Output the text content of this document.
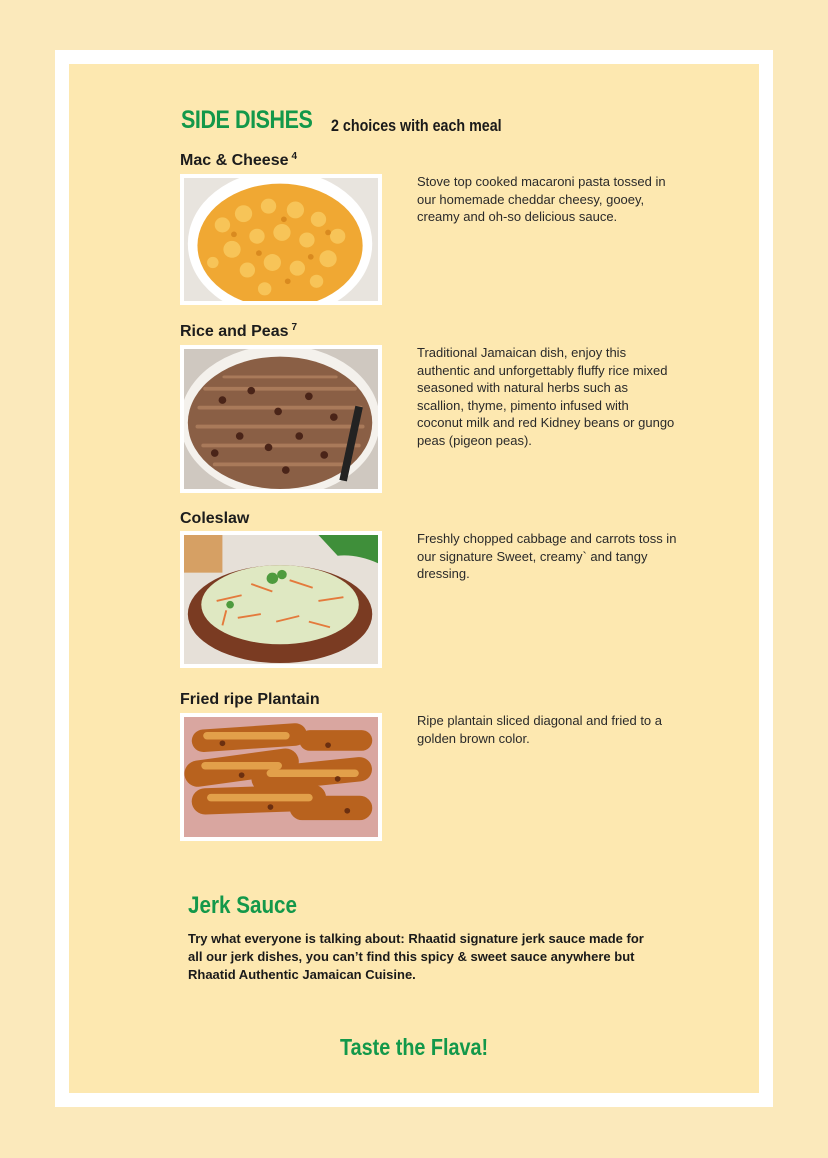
SIDE DISHES 2 choices with each meal
Mac & Cheese $^4$
Stove top cooked macaroni pasta tossed in our homemade cheddar cheesy, gooey, creamy and oh-so delicious sauce.
Rice and Peas $^7$
Traditional Jamaican dish, enjoy this authentic and unforgettably fluffy rice mixed seasoned with natural herbs such as scallion, thyme, pimento infused with coconut milk and red Kidney beans or gungo peas (pigeon peas).
Coleslaw
Freshly chopped cabbage and carrots toss in our signature Sweet, creamy` and tangy dressing.
Fried ripe Plantain
Ripe plantain sliced diagonal and fried to a golden brown color.
Jerk Sauce
Try what everyone is talking about: Rhaatid signature jerk sauce made for all our jerk dishes, you can’t find this spicy & sweet sauce anywhere but Rhaatid Authentic Jamaican Cuisine.
Taste the Flava!
